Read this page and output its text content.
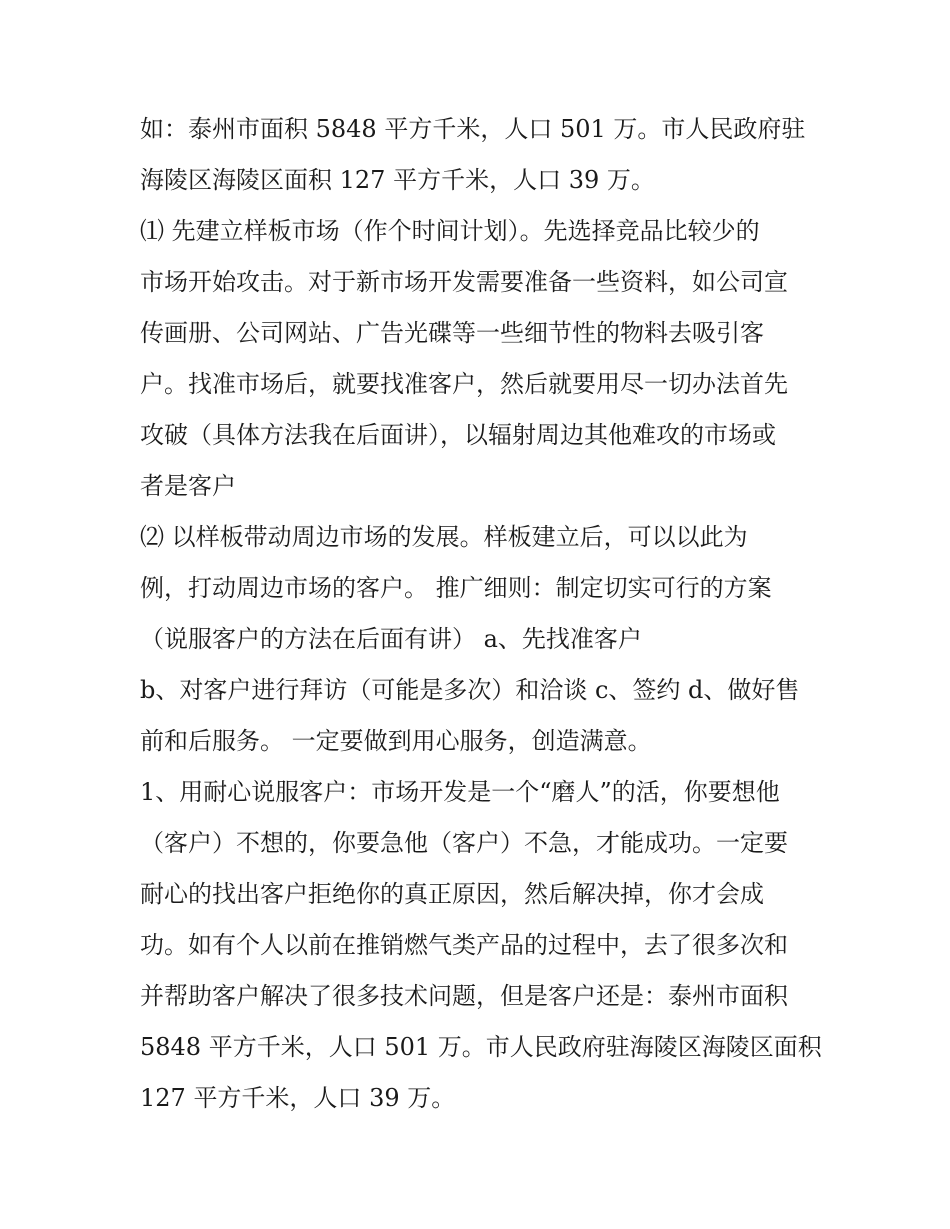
如：泰州市面积 5848 平方千米，人口 501 万。市人民政府驻
海陵区海陵区面积 127 平方千米，人口 39 万。
⑴ 先建立样板市场（作个时间计划）。先选择竞品比较少的
市场开始攻击。对于新市场开发需要准备一些资料，如公司宣
传画册、公司网站、广告光碟等一些细节性的物料去吸引客
户。找准市场后，就要找准客户，然后就要用尽一切办法首先
攻破（具体方法我在后面讲），以辐射周边其他难攻的市场或
者是客户
⑵ 以样板带动周边市场的发展。样板建立后，可以以此为
例，打动周边市场的客户。 推广细则：制定切实可行的方案
（说服客户的方法在后面有讲） a、先找准客户
b、对客户进行拜访（可能是多次）和洽谈 c、签约 d、做好售
前和后服务。 一定要做到用心服务，创造满意。
1、用耐心说服客户：市场开发是一个“磨人”的活，你要想他
（客户）不想的，你要急他（客户）不急，才能成功。一定要
耐心的找出客户拒绝你的真正原因，然后解决掉，你才会成
功。如有个人以前在推销燃气类产品的过程中，去了很多次和
并帮助客户解决了很多技术问题，但是客户还是：泰州市面积
5848 平方千米，人口 501 万。市人民政府驻海陵区海陵区面积
127 平方千米，人口 39 万。
